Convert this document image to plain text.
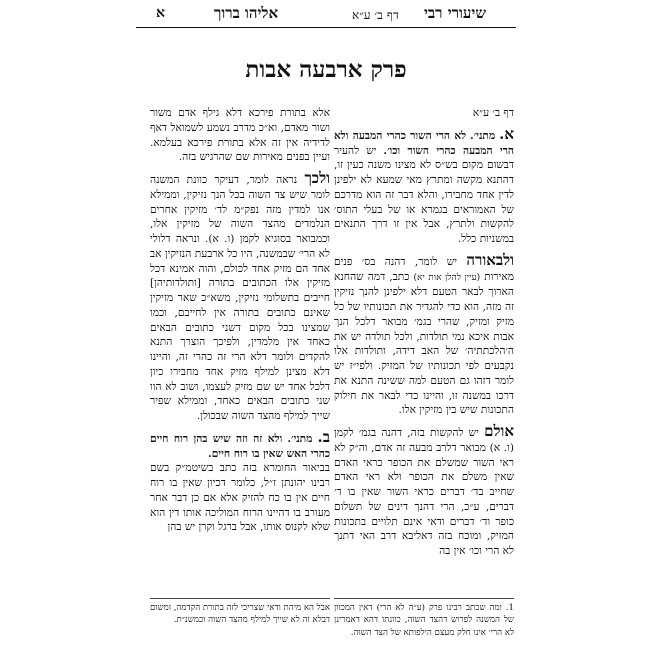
א	אליהו ברוך	דף ב׳ ע״א שיעורי רבי
פרק ארבעה אבות

דף ב׳ ע״א

א. מתני׳. לא הרי השור כהרי המבעה ולא הרי המבעה כהרי השור וכו׳. יש להעיר דבשום מקום בש״ס לא מצינו משנה כעין זו, דהתנא מקשה ומתרץ מאי שמעא לא ילפינן לדין אחד מחבירו, והלא דבר זה הוא מדרכם של האמוראים בגמרא או של בעלי התוס׳ להקשות ולתרץ, אבל אין זו דרך התנאים במשניות כלל.

ולבאורה יש לומר, דהנה בס׳ פנים מאירות (עיין להלן אות יא) כתב, דמה שהחנא הארוך לבאר הטעם דלא ילפינן להנך נזיקין זה מזה, הוא כדי להגדיר את תכונותיו של כל מזיק ומזיק, שהרי בגמ׳ מבואר דלכל הנך אבות איכא נמי תולדות, ולכל תולדה יש את ה׳הלכתתיה׳ של האב דידה, ותולדות אלו נקבעים לפי תכונותיו של המזיק. ולפי״ז יש לומר דזהו גם הטעם למה ששינה התנא את דרכו במשנה זו, והיינו כדי לבאר את חילוק התכונות שיש בין מזיקין אלו.

אולם יש להקשות בזה, דהנה בגמ׳ לקמן (ו. א) מבואר דלרב מבעה זה אדם, וה״ק לא ראי השור שמשלם את הכופר כראי האדם שאין משלם את הכופר ולא ראי האדם שחייב בד׳ דברים כראי השור שאין בו ד׳ דברים, ע״כ, הרי דהנך דינים של תשלום כופר וד׳ דברים ודאי אינם תלויים בתכונות המזיק, ומוכח בזה דאליבא דרב האי דתנך לא הרי וכו׳ אין בה

אלא בתורת פירכא דלא גילף אדם משור ושור מאדם, וא״כ מדרב נשמע לשמואל דאף לדידיה אין זה אלא בתורת פירכא בעלמא. ועיין בפנים מאירות שם שהרגיש בזה.

ולכך נראה לומר, דעיקר כוונת המשנה לומר שיש צד השוה בכל הנך נזיקין, וממילא אנו למדין מזה נפק״מ לד׳ מזיקין אחרים הנלמדים מהצד השוה של מזיקין אלו, וכמבואר בסוגיא לקמן (ו. א). ונראה דלולי לא הרי׳ שבמשנה, היו כל ארבעת הנזיקין אב אחד הם מזיק אחד לכולם, והוה אמינא דכל מזיקין אלו הכתובים בתורה [ותולדותיהן] חייבים בתשלומי נזיקין, משא״כ שאר מזיקין שאינם כתובים בתורה אין לחייבם, וכמו שמצינו בכל מקום דשני כתובים הבאים כאחד אין מלמדין, ולפיכך הוצרך התנא להקדים ולומר דלא הרי זה כהרי זה, והיינו דלא מצינן למילף מזיק אחד מחבירו כיון דלכל אחד יש שם מזיק לעצמו, ושוב לא הוו שני כתובים הבאים כאחד, וממילא שפיר שייך למילף מהצד השוה שבכולן.

ב. מתני׳. ולא זה וזה שיש בהן רוח חיים כהרי האש שאין בו רוח חיים.

בביאור החומרא בזה כתב בשיטמ״ק בשם רבינו יהונתן ז״ל, כלומר דכיון שאין בו רוח חיים אין בו כח להזיק אלא אם כן דבר אחר מעורב בו דהיינו הרוח המוליכה אותו דין הוא שלא לקנוס אותו, אבל ברגל וקרן יש בהן

1. ומה שכתב רבינו פרק (ע״ה לא הרי) דאין המכוון של המשנה לפרוש דהצד השוה, כוונתו דהא דאמרינן לא הרי׳ אינו חלק מעצם הילפותא של הצד השוה.
אבל הא מיהת ודאי שצריכי לזה בתורת הקדמה, ומשום דבלא זה לא שייך למילף מהצד השוה וכמשנ״ת.
